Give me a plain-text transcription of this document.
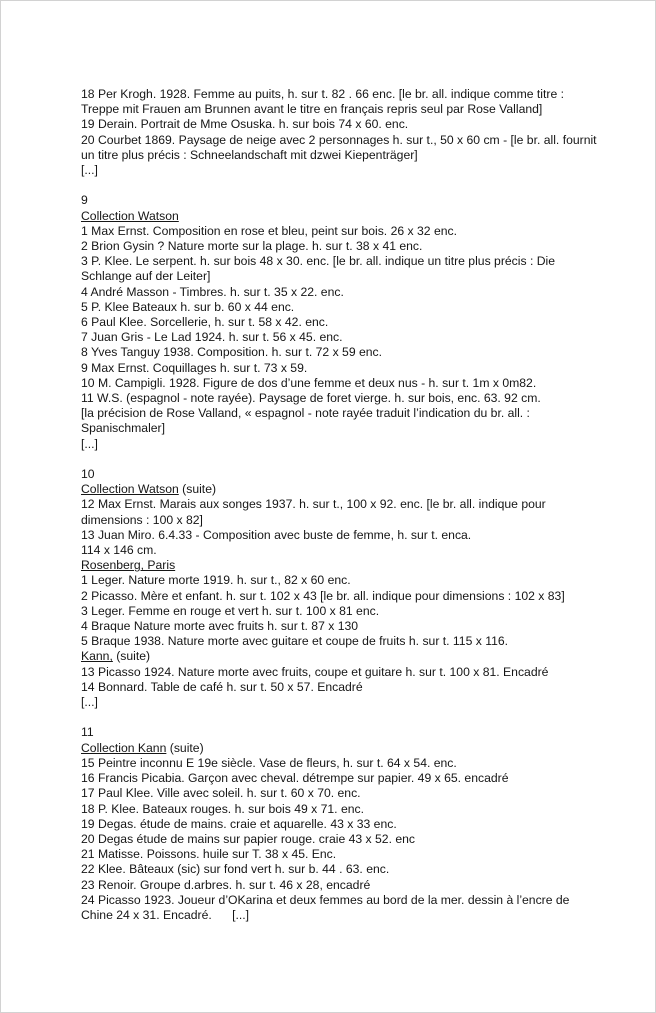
18 Per Krogh. 1928. Femme au puits, h. sur t. 82 . 66 enc. [le br. all. indique comme titre :
Treppe mit Frauen am Brunnen avant le titre en français repris seul par Rose Valland]
19 Derain. Portrait de Mme Osuska. h. sur bois 74 x 60. enc.
20 Courbet 1869. Paysage de neige avec 2 personnages h. sur t., 50 x 60 cm - [le br. all. fournit
un titre plus précis : Schneelandschaft mit dzwei Kiepenträger]
[...]
9
Collection Watson
1 Max Ernst. Composition en rose et bleu, peint sur bois. 26 x 32 enc.
2 Brion Gysin ? Nature morte sur la plage. h. sur t. 38 x 41 enc.
3 P. Klee. Le serpent. h. sur bois 48 x 30. enc. [le br. all. indique un titre plus précis : Die
Schlange auf der Leiter]
4 André Masson - Timbres. h. sur t. 35 x 22. enc.
5 P. Klee Bateaux h. sur b. 60 x 44 enc.
6 Paul Klee. Sorcellerie, h. sur t. 58 x 42. enc.
7 Juan Gris - Le Lad 1924. h. sur t. 56 x 45. enc.
8 Yves Tanguy 1938. Composition. h. sur t. 72 x 59 enc.
9 Max Ernst. Coquillages h. sur t. 73 x 59.
10 M. Campigli. 1928. Figure de dos d’une femme et deux nus - h. sur t. 1m x 0m82.
11 W.S. (espagnol - note rayée). Paysage de foret vierge. h. sur bois, enc. 63. 92 cm.
[la précision de Rose Valland, « espagnol - note rayée traduit l’indication du br. all. :
Spanischmaler]
[...]
10
Collection Watson (suite)
12 Max Ernst. Marais aux songes 1937. h. sur t., 100 x 92. enc. [le br. all. indique pour
dimensions : 100 x 82]
13 Juan Miro. 6.4.33 - Composition avec buste de femme, h. sur t. enca.
114 x 146 cm.
Rosenberg, Paris
1 Leger. Nature morte 1919. h. sur t., 82 x 60 enc.
2 Picasso. Mère et enfant. h. sur t. 102 x 43 [le br. all. indique pour dimensions : 102 x 83]
3 Leger. Femme en rouge et vert h. sur t. 100 x 81 enc.
4 Braque Nature morte avec fruits h. sur t. 87 x 130
5 Braque 1938. Nature morte avec guitare et coupe de fruits h. sur t. 115 x 116.
Kann, (suite)
13 Picasso 1924. Nature morte avec fruits, coupe et guitare h. sur t. 100 x 81. Encadré
14 Bonnard. Table de café h. sur t. 50 x 57. Encadré
[...]
11
Collection Kann (suite)
15 Peintre inconnu E 19e siècle. Vase de fleurs, h. sur t. 64 x 54. enc.
16 Francis Picabia. Garçon avec cheval. détrempe sur papier. 49 x 65. encadré
17 Paul Klee. Ville avec soleil. h. sur t. 60 x 70. enc.
18 P. Klee. Bateaux rouges. h. sur bois 49 x 71. enc.
19 Degas. étude de mains. craie et aquarelle. 43 x 33 enc.
20 Degas étude de mains sur papier rouge. craie 43 x 52. enc
21 Matisse. Poissons. huile sur T. 38 x 45. Enc.
22 Klee. Bâteaux (sic) sur fond vert h. sur b. 44 . 63. enc.
23 Renoir. Groupe d.arbres. h. sur t. 46 x 28, encadré
24 Picasso 1923. Joueur d’OKarina et deux femmes au bord de la mer. dessin à l’encre de
Chine 24 x 31. Encadré.      [...]
